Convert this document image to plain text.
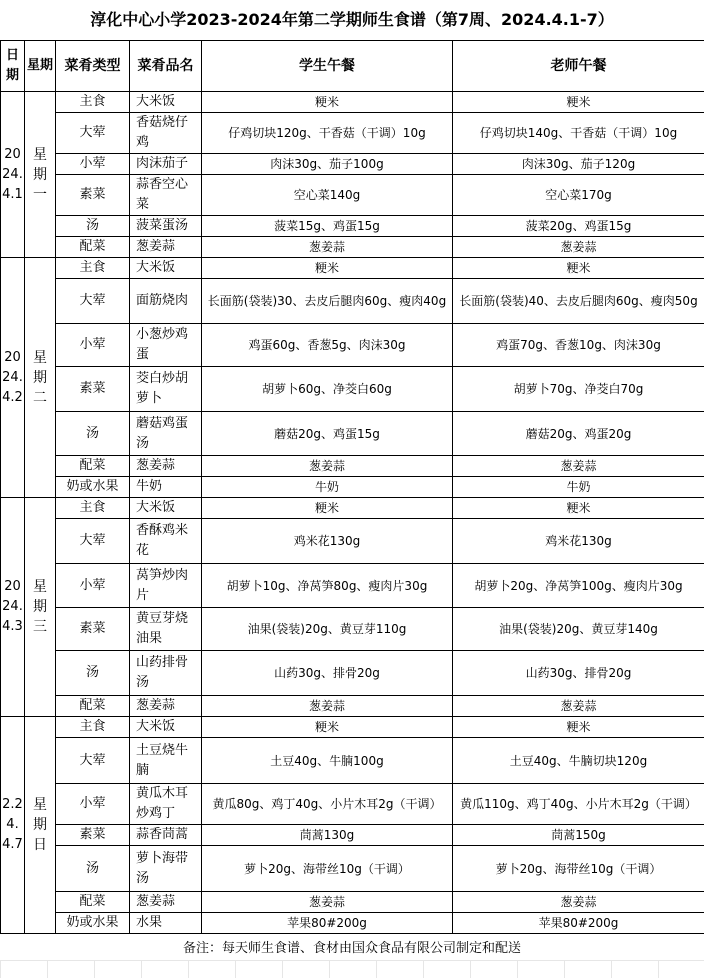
淳化中心小学2023-2024年第二学期师生食谱（第7周、2024.4.1-7）
日期	星期	菜肴类型	菜肴品名	学生午餐	老师午餐
2024.4.1	星期一	主食	大米饭	粳米	粳米
		大荤	香菇烧仔鸡	仔鸡切块120g、干香菇（干调）10g	仔鸡切块140g、干香菇（干调）10g
		小荤	肉沫茄子	肉沫30g、茄子100g	肉沫30g、茄子120g
		素菜	蒜香空心菜	空心菜140g	空心菜170g
		汤	菠菜蛋汤	菠菜15g、鸡蛋15g	菠菜20g、鸡蛋15g
		配菜	葱姜蒜	葱姜蒜	葱姜蒜
2024.4.2	星期二	主食	大米饭	粳米	粳米
		大荤	面筋烧肉	长面筋(袋装)30、去皮后腿肉60g、瘦肉40g	长面筋(袋装)40、去皮后腿肉60g、瘦肉50g
		小荤	小葱炒鸡蛋	鸡蛋60g、香葱5g、肉沫30g	鸡蛋70g、香葱10g、肉沫30g
		素菜	茭白炒胡萝卜	胡萝卜60g、净茭白60g	胡萝卜70g、净茭白70g
		汤	蘑菇鸡蛋汤	蘑菇20g、鸡蛋15g	蘑菇20g、鸡蛋20g
		配菜	葱姜蒜	葱姜蒜	葱姜蒜
		奶或水果	牛奶	牛奶	牛奶
2024.4.3	星期三	主食	大米饭	粳米	粳米
		大荤	香酥鸡米花	鸡米花130g	鸡米花130g
		小荤	莴笋炒肉片	胡萝卜10g、净莴笋80g、瘦肉片30g	胡萝卜20g、净莴笋100g、瘦肉片30g
		素菜	黄豆芽烧油果	油果(袋装)20g、黄豆芽110g	油果(袋装)20g、黄豆芽140g
		汤	山药排骨汤	山药30g、排骨20g	山药30g、排骨20g
		配菜	葱姜蒜	葱姜蒜	葱姜蒜
2.24.4.7	星期日	主食	大米饭	粳米	粳米
		大荤	土豆烧牛腩	土豆40g、牛腩100g	土豆40g、牛腩切块120g
		小荤	黄瓜木耳炒鸡丁	黄瓜80g、鸡丁40g、小片木耳2g（干调）	黄瓜110g、鸡丁40g、小片木耳2g（干调）
		素菜	蒜香茼蒿	茼蒿130g	茼蒿150g
		汤	萝卜海带汤	萝卜20g、海带丝10g（干调）	萝卜20g、海带丝10g（干调）
		配菜	葱姜蒜	葱姜蒜	葱姜蒜
		奶或水果	水果	苹果80#200g	苹果80#200g
备注：每天师生食谱、食材由国众食品有限公司制定和配送
